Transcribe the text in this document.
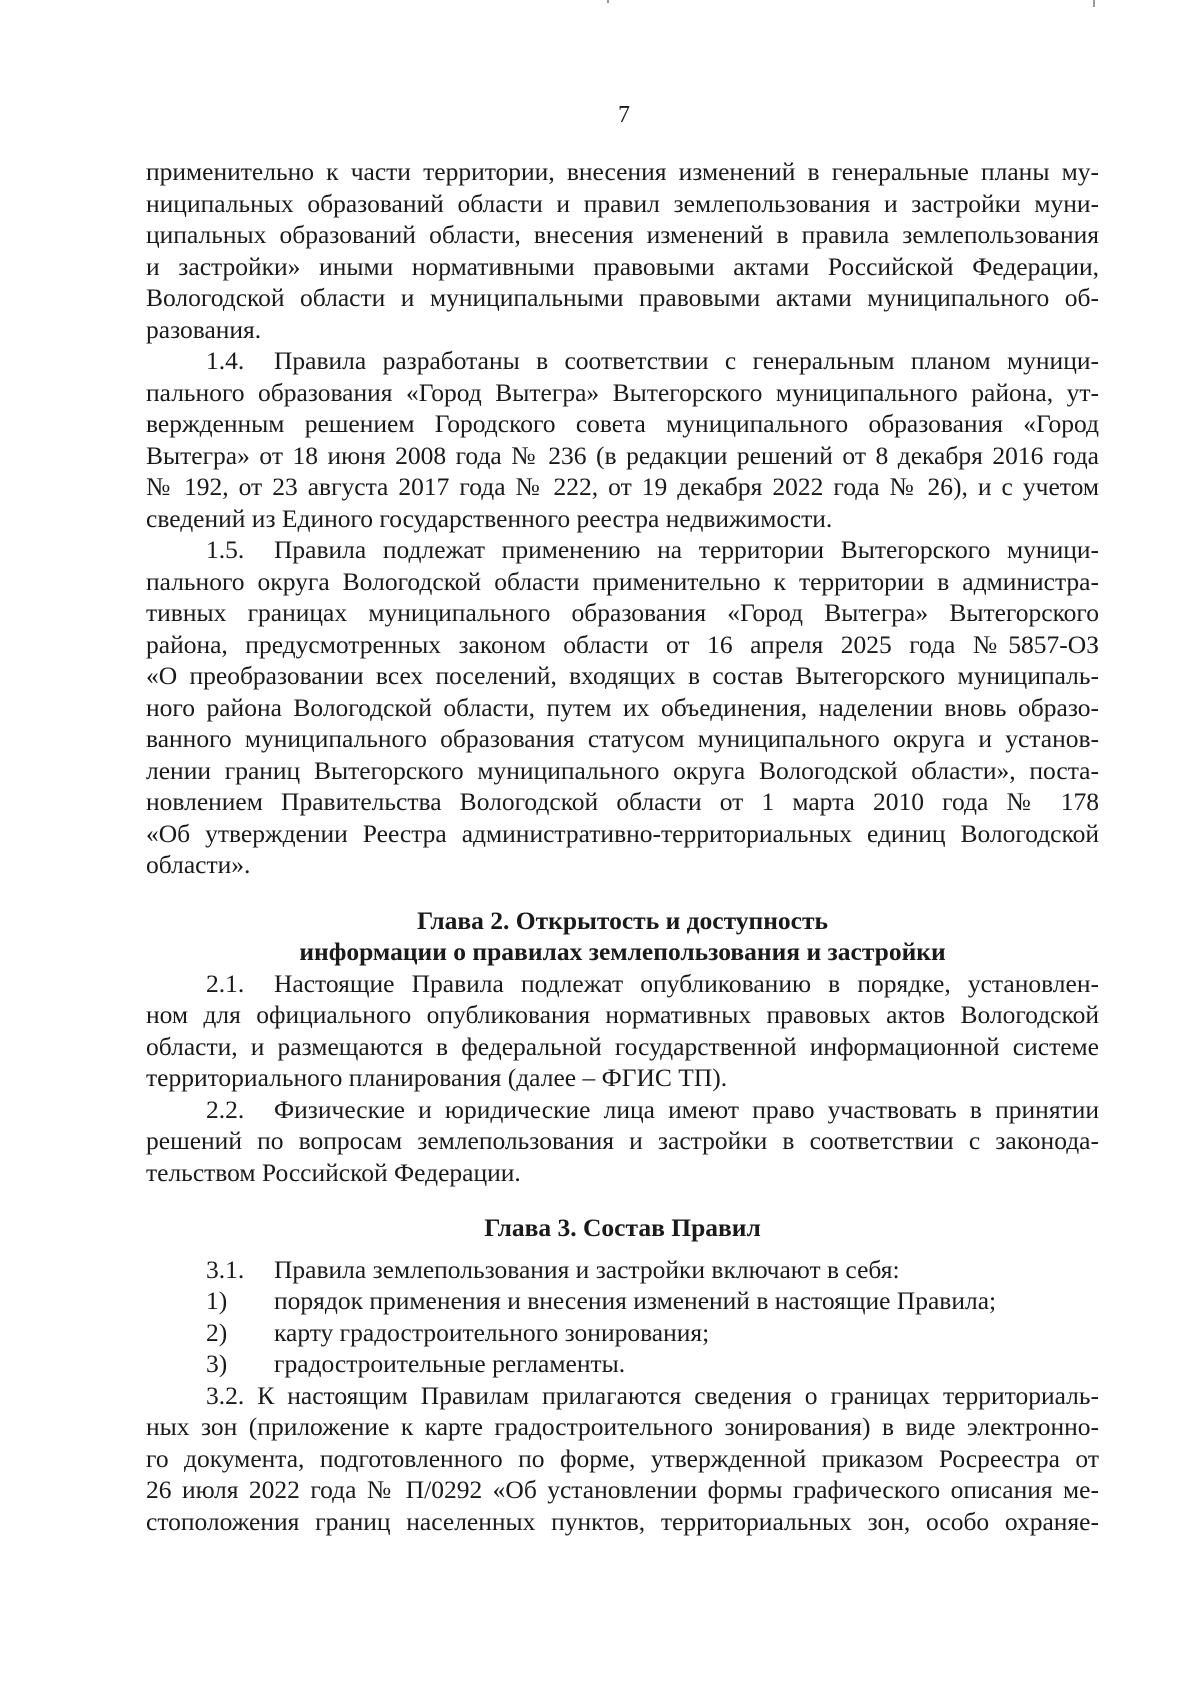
7
применительно к части территории, внесения изменений в генеральные планы му-
ниципальных образований области и правил землепользования и застройки муни-
ципальных образований области, внесения изменений в правила землепользования
и застройки» иными нормативными правовыми актами Российской Федерации,
Вологодской области и муниципальными правовыми актами муниципального об-
разования.
1.4. Правила разработаны в соответствии с генеральным планом муници-
пального образования «Город Вытегра» Вытегорского муниципального района, ут-
вержденным решением Городского совета муниципального образования «Город
Вытегра» от 18 июня 2008 года № 236 (в редакции решений от 8 декабря 2016 года
№ 192, от 23 августа 2017 года № 222, от 19 декабря 2022 года № 26), и с учетом
сведений из Единого государственного реестра недвижимости.
1.5. Правила подлежат применению на территории Вытегорского муници-
пального округа Вологодской области применительно к территории в администра-
тивных границах муниципального образования «Город Вытегра» Вытегорского
района, предусмотренных законом области от 16 апреля 2025 года №5857-ОЗ
«О преобразовании всех поселений, входящих в состав Вытегорского муниципаль-
ного района Вологодской области, путем их объединения, наделении вновь образо-
ванного муниципального образования статусом муниципального округа и установ-
лении границ Вытегорского муниципального округа Вологодской области», поста-
новлением Правительства Вологодской области от 1 марта 2010 года № 178
«Об утверждении Реестра административно-территориальных единиц Вологодской
области».
Глава 2. Открытость и доступность
информации о правилах землепользования и застройки
2.1. Настоящие Правила подлежат опубликованию в порядке, установлен-
ном для официального опубликования нормативных правовых актов Вологодской
области, и размещаются в федеральной государственной информационной системе
территориального планирования (далее – ФГИС ТП).
2.2. Физические и юридические лица имеют право участвовать в принятии
решений по вопросам землепользования и застройки в соответствии с законода-
тельством Российской Федерации.
Глава 3. Состав Правил
3.1. Правила землепользования и застройки включают в себя:
1) порядок применения и внесения изменений в настоящие Правила;
2) карту градостроительного зонирования;
3) градостроительные регламенты.
3.2. К настоящим Правилам прилагаются сведения о границах территориаль-
ных зон (приложение к карте градостроительного зонирования) в виде электронно-
го документа, подготовленного по форме, утвержденной приказом Росреестра от
26 июля 2022 года № П/0292 «Об установлении формы графического описания ме-
стоположения границ населенных пунктов, территориальных зон, особо охраняе-
